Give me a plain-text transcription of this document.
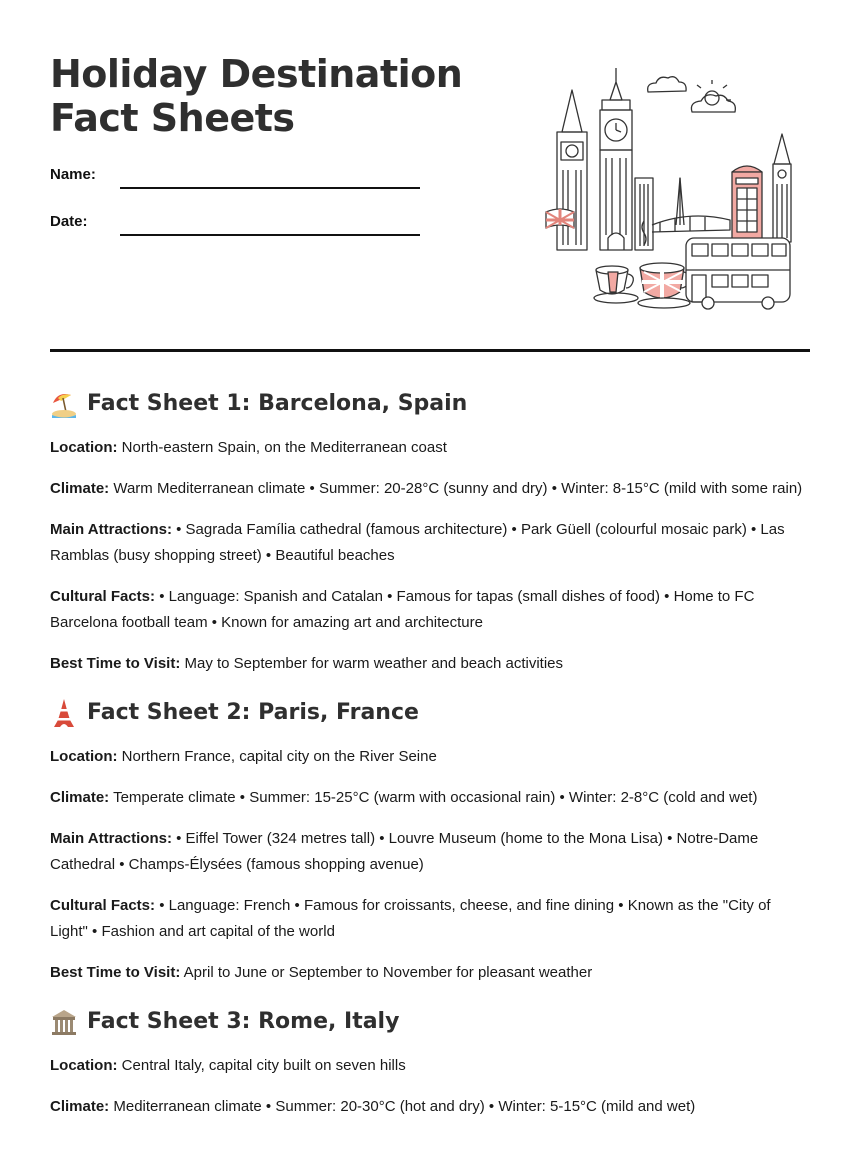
Holiday Destination
Fact Sheets
Name:
Date:
Fact Sheet 1: Barcelona, Spain

Location: North-eastern Spain, on the Mediterranean coast

Climate: Warm Mediterranean climate • Summer: 20-28°C (sunny and dry) • Winter: 8-15°C (mild with some rain)

Main Attractions: • Sagrada Família cathedral (famous architecture) • Park Güell (colourful mosaic park) • Las Ramblas (busy shopping street) • Beautiful beaches

Cultural Facts: • Language: Spanish and Catalan • Famous for tapas (small dishes of food) • Home to FC Barcelona football team • Known for amazing art and architecture

Best Time to Visit: May to September for warm weather and beach activities

Fact Sheet 2: Paris, France

Location: Northern France, capital city on the River Seine

Climate: Temperate climate • Summer: 15-25°C (warm with occasional rain) • Winter: 2-8°C (cold and wet)

Main Attractions: • Eiffel Tower (324 metres tall) • Louvre Museum (home to the Mona Lisa) • Notre-Dame Cathedral • Champs-Élysées (famous shopping avenue)

Cultural Facts: • Language: French • Famous for croissants, cheese, and fine dining • Known as the "City of Light" • Fashion and art capital of the world

Best Time to Visit: April to June or September to November for pleasant weather

Fact Sheet 3: Rome, Italy

Location: Central Italy, capital city built on seven hills

Climate: Mediterranean climate • Summer: 20-30°C (hot and dry) • Winter: 5-15°C (mild and wet)
